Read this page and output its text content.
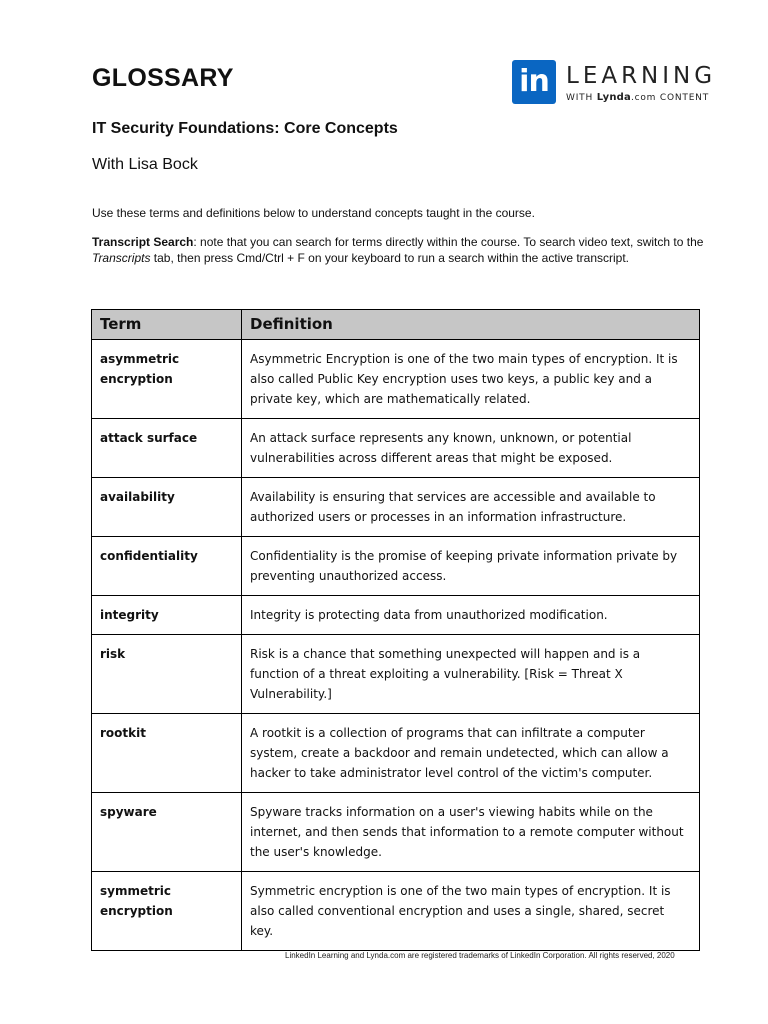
GLOSSARY	in LEARNING
WITH Lynda.com CONTENT
IT Security Foundations: Core Concepts
With Lisa Bock
Use these terms and definitions below to understand concepts taught in the course.
Transcript Search: note that you can search for terms directly within the course. To search video text, switch to the Transcripts tab, then press Cmd/Ctrl + F on your keyboard to run a search within the active transcript.
Term	Definition
asymmetric encryption	Asymmetric Encryption is one of the two main types of encryption. It is also called Public Key encryption uses two keys, a public key and a private key, which are mathematically related.
attack surface	An attack surface represents any known, unknown, or potential vulnerabilities across different areas that might be exposed.
availability	Availability is ensuring that services are accessible and available to authorized users or processes in an information infrastructure.
confidentiality	Confidentiality is the promise of keeping private information private by preventing unauthorized access.
integrity	Integrity is protecting data from unauthorized modification.
risk	Risk is a chance that something unexpected will happen and is a function of a threat exploiting a vulnerability. [Risk = Threat X Vulnerability.]
rootkit	A rootkit is a collection of programs that can infiltrate a computer system, create a backdoor and remain undetected, which can allow a hacker to take administrator level control of the victim's computer.
spyware	Spyware tracks information on a user's viewing habits while on the internet, and then sends that information to a remote computer without the user's knowledge.
symmetric encryption	Symmetric encryption is one of the two main types of encryption. It is also called conventional encryption and uses a single, shared, secret key.
LinkedIn Learning and Lynda.com are registered trademarks of LinkedIn Corporation. All rights reserved, 2020
